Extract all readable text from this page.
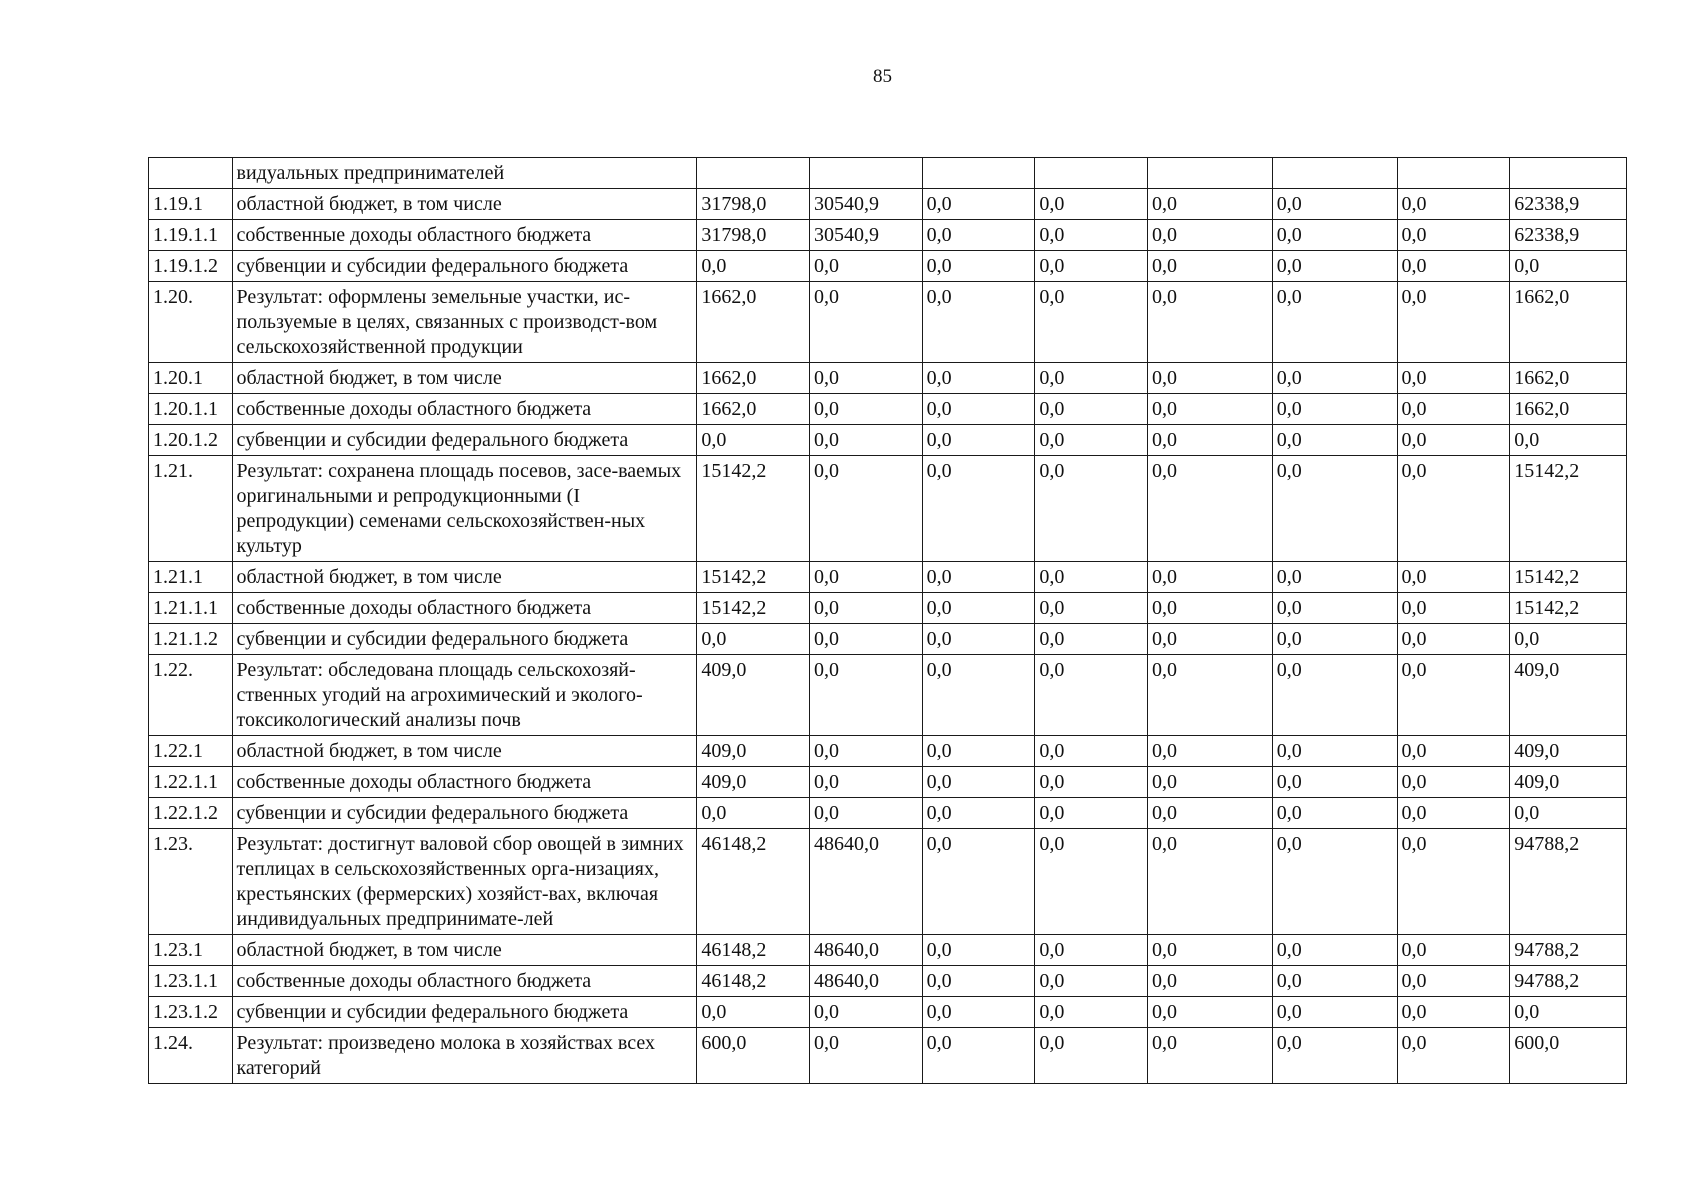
85
	видуальных предпринимателей								
1.19.1	областной бюджет, в том числе	31798,0	30540,9	0,0	0,0	0,0	0,0	0,0	62338,9
1.19.1.1	собственные доходы областного бюджета	31798,0	30540,9	0,0	0,0	0,0	0,0	0,0	62338,9
1.19.1.2	субвенции и субсидии федерального бюджета	0,0	0,0	0,0	0,0	0,0	0,0	0,0	0,0
1.20.	Результат: оформлены земельные участки, ис-пользуемые в целях, связанных с производст-вом сельскохозяйственной продукции	1662,0	0,0	0,0	0,0	0,0	0,0	0,0	1662,0
1.20.1	областной бюджет, в том числе	1662,0	0,0	0,0	0,0	0,0	0,0	0,0	1662,0
1.20.1.1	собственные доходы областного бюджета	1662,0	0,0	0,0	0,0	0,0	0,0	0,0	1662,0
1.20.1.2	субвенции и субсидии федерального бюджета	0,0	0,0	0,0	0,0	0,0	0,0	0,0	0,0
1.21.	Результат: сохранена площадь посевов, засе-ваемых оригинальными и репродукционными (I репродукции) семенами сельскохозяйствен-ных культур	15142,2	0,0	0,0	0,0	0,0	0,0	0,0	15142,2
1.21.1	областной бюджет, в том числе	15142,2	0,0	0,0	0,0	0,0	0,0	0,0	15142,2
1.21.1.1	собственные доходы областного бюджета	15142,2	0,0	0,0	0,0	0,0	0,0	0,0	15142,2
1.21.1.2	субвенции и субсидии федерального бюджета	0,0	0,0	0,0	0,0	0,0	0,0	0,0	0,0
1.22.	Результат: обследована площадь сельскохозяй-ственных угодий на агрохимический и эколого-токсикологический анализы почв	409,0	0,0	0,0	0,0	0,0	0,0	0,0	409,0
1.22.1	областной бюджет, в том числе	409,0	0,0	0,0	0,0	0,0	0,0	0,0	409,0
1.22.1.1	собственные доходы областного бюджета	409,0	0,0	0,0	0,0	0,0	0,0	0,0	409,0
1.22.1.2	субвенции и субсидии федерального бюджета	0,0	0,0	0,0	0,0	0,0	0,0	0,0	0,0
1.23.	Результат: достигнут валовой сбор овощей в зимних теплицах в сельскохозяйственных орга-низациях, крестьянских (фермерских) хозяйст-вах, включая индивидуальных предпринимате-лей	46148,2	48640,0	0,0	0,0	0,0	0,0	0,0	94788,2
1.23.1	областной бюджет, в том числе	46148,2	48640,0	0,0	0,0	0,0	0,0	0,0	94788,2
1.23.1.1	собственные доходы областного бюджета	46148,2	48640,0	0,0	0,0	0,0	0,0	0,0	94788,2
1.23.1.2	субвенции и субсидии федерального бюджета	0,0	0,0	0,0	0,0	0,0	0,0	0,0	0,0
1.24.	Результат: произведено молока в хозяйствах всех категорий	600,0	0,0	0,0	0,0	0,0	0,0	0,0	600,0
